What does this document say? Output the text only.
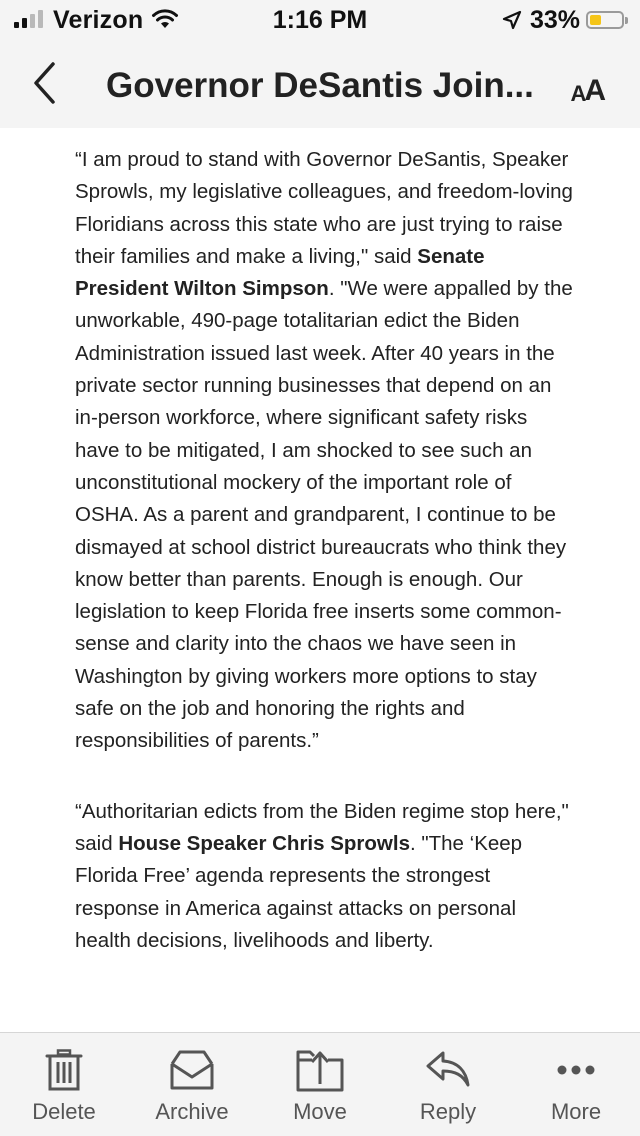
Verizon	1:16 PM	33%
Governor DeSantis Join... A
A

“I am proud to stand with Governor DeSantis, Speaker Sprowls, my legislative colleagues, and freedom-loving Floridians across this state who are just trying to raise their families and make a living," said Senate President Wilton Simpson. "We were appalled by the unworkable, 490-page totalitarian edict the Biden Administration issued last week. After 40 years in the private sector running businesses that depend on an in-person workforce, where significant safety risks have to be mitigated, I am shocked to see such an unconstitutional mockery of the important role of OSHA. As a parent and grandparent, I continue to be dismayed at school district bureaucrats who think they know better than parents. Enough is enough. Our legislation to keep Florida free inserts some common-sense and clarity into the chaos we have seen in Washington by giving workers more options to stay safe on the job and honoring the rights and responsibilities of parents.”

“Authoritarian edicts from the Biden regime stop here," said House Speaker Chris Sprowls. "The ‘Keep Florida Free’ agenda represents the strongest response in America against attacks on personal health decisions, livelihoods and liberty.

Delete	Archive	Move	Reply	More
